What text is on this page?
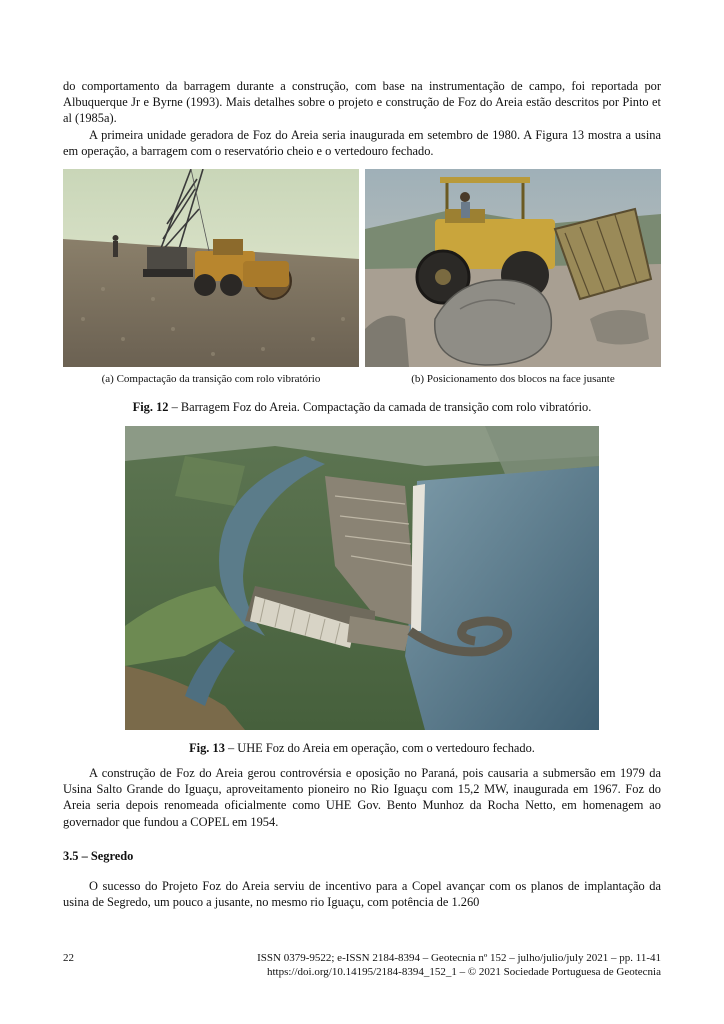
do comportamento da barragem durante a construção, com base na instrumentação de campo, foi reportada por Albuquerque Jr e Byrne (1993). Mais detalhes sobre o projeto e construção de Foz do Areia estão descritos por Pinto et al (1985a).

A primeira unidade geradora de Foz do Areia seria inaugurada em setembro de 1980. A Figura 13 mostra a usina em operação, a barragem com o reservatório cheio e o vertedouro fechado.

(a) Compactação da transição com rolo vibratório	(b) Posicionamento dos blocos na face jusante

Fig. 12 – Barragem Foz do Areia. Compactação da camada de transição com rolo vibratório.

Fig. 13 – UHE Foz do Areia em operação, com o vertedouro fechado.

A construção de Foz do Areia gerou controvérsia e oposição no Paraná, pois causaria a submersão em 1979 da Usina Salto Grande do Iguaçu, aproveitamento pioneiro no Rio Iguaçu com 15,2 MW, inaugurada em 1967. Foz do Areia seria depois renomeada oficialmente como UHE Gov. Bento Munhoz da Rocha Netto, em homenagem ao governador que fundou a COPEL em 1954.

3.5 – Segredo

O sucesso do Projeto Foz do Areia serviu de incentivo para a Copel avançar com os planos de implantação da usina de Segredo, um pouco a jusante, no mesmo rio Iguaçu, com potência de 1.260

22	ISSN 0379-9522; e-ISSN 2184-8394 – Geotecnia nº 152 – julho/julio/july 2021 – pp. 11-41
https://doi.org/10.14195/2184-8394_152_1 – © 2021 Sociedade Portuguesa de Geotecnia
